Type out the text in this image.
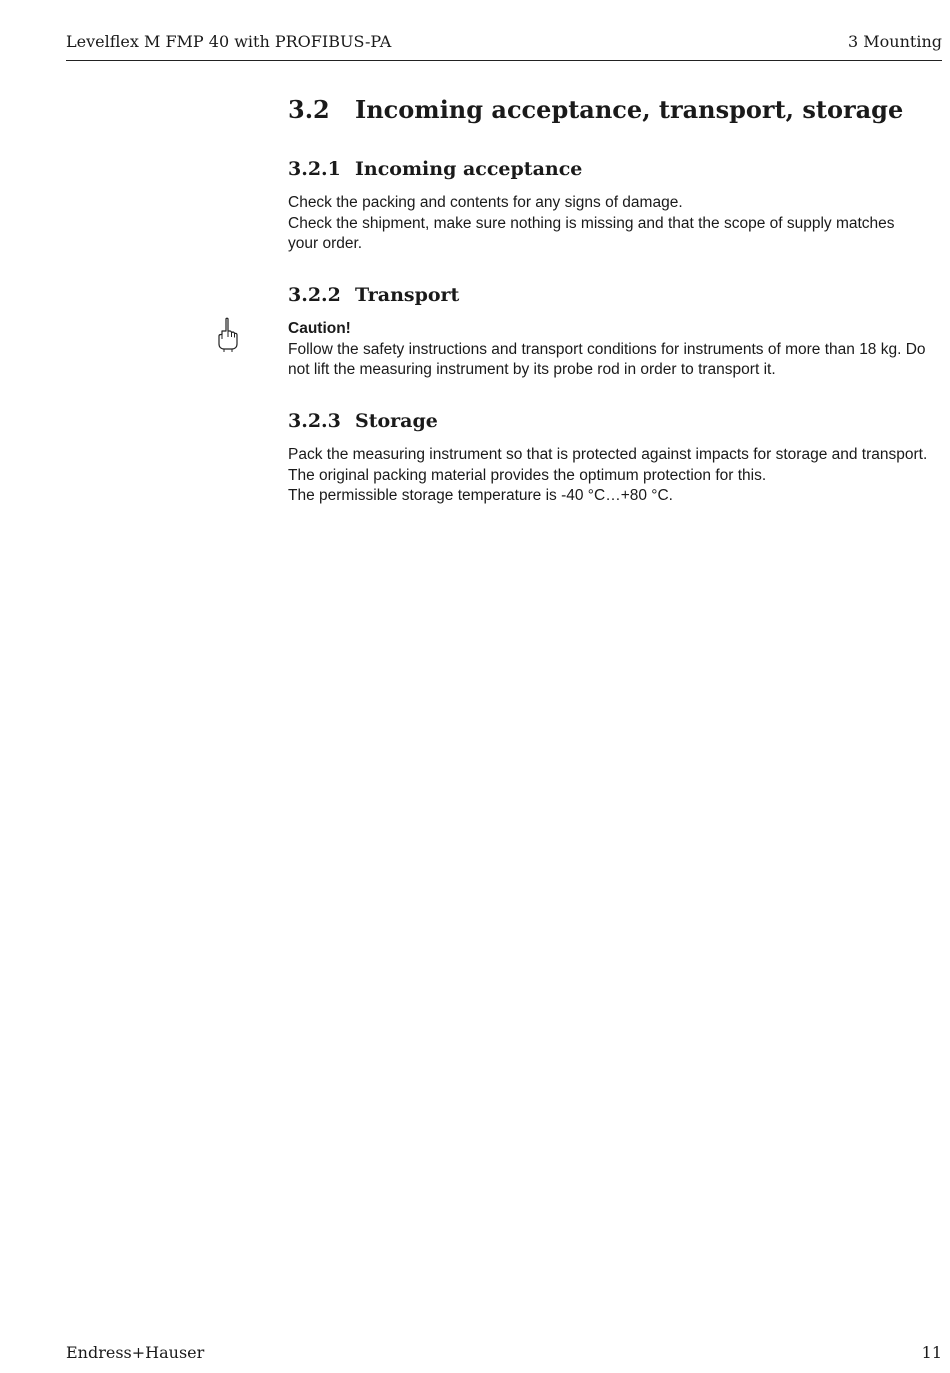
Levelflex M FMP 40 with PROFIBUS-PA	3 Mounting
3.2 Incoming acceptance, transport, storage
3.2.1 Incoming acceptance

Check the packing and contents for any signs of damage.

Check the shipment, make sure nothing is missing and that the scope of supply matches your order.

3.2.2 Transport

Caution!

Follow the safety instructions and transport conditions for instruments of more than 18 kg. Do not lift the measuring instrument by its probe rod in order to transport it.

3.2.3 Storage

Pack the measuring instrument so that is protected against impacts for storage and transport. The original packing material provides the optimum protection for this.

The permissible storage temperature is -40 °C…+80 °C.

Endress+Hauser	11
